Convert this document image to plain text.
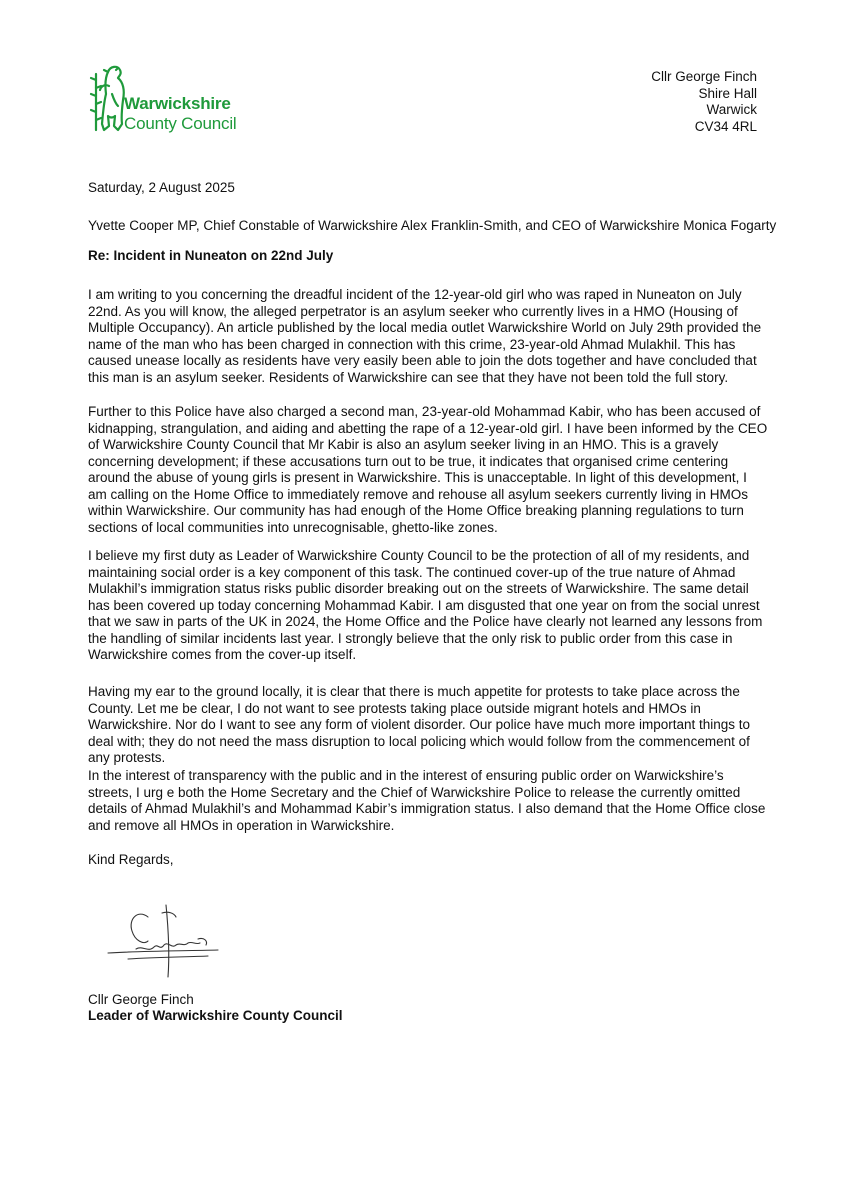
Warwickshire
County Council
Cllr George Finch
Shire Hall
Warwick
CV34 4RL
Saturday, 2 August 2025
Yvette Cooper MP, Chief Constable of Warwickshire Alex Franklin-Smith, and CEO of Warwickshire Monica Fogarty
Re: Incident in Nuneaton on 22nd July
I am writing to you concerning the dreadful incident of the 12-year-old girl who was raped in Nuneaton on July 22nd. As you will know, the alleged perpetrator is an asylum seeker who currently lives in a HMO (Housing of Multiple Occupancy). An article published by the local media outlet Warwickshire World on July 29th provided the name of the man who has been charged in connection with this crime, 23-year-old Ahmad Mulakhil. This has caused unease locally as residents have very easily been able to join the dots together and have concluded that this man is an asylum seeker. Residents of Warwickshire can see that they have not been told the full story.
Further to this Police have also charged a second man, 23-year-old Mohammad Kabir, who has been accused of kidnapping, strangulation, and aiding and abetting the rape of a 12-year-old girl. I have been informed by the CEO of Warwickshire County Council that Mr Kabir is also an asylum seeker living in an HMO. This is a gravely concerning development; if these accusations turn out to be true, it indicates that organised crime centering around the abuse of young girls is present in Warwickshire. This is unacceptable. In light of this development, I am calling on the Home Office to immediately remove and rehouse all asylum seekers currently living in HMOs within Warwickshire. Our community has had enough of the Home Office breaking planning regulations to turn sections of local communities into unrecognisable, ghetto-like zones.
I believe my first duty as Leader of Warwickshire County Council to be the protection of all of my residents, and maintaining social order is a key component of this task. The continued cover-up of the true nature of Ahmad Mulakhil’s immigration status risks public disorder breaking out on the streets of Warwickshire. The same detail has been covered up today concerning Mohammad Kabir. I am disgusted that one year on from the social unrest that we saw in parts of the UK in 2024, the Home Office and the Police have clearly not learned any lessons from the handling of similar incidents last year. I strongly believe that the only risk to public order from this case in Warwickshire comes from the cover-up itself.
Having my ear to the ground locally, it is clear that there is much appetite for protests to take place across the County. Let me be clear, I do not want to see protests taking place outside migrant hotels and HMOs in Warwickshire. Nor do I want to see any form of violent disorder. Our police have much more important things to deal with; they do not need the mass disruption to local policing which would follow from the commencement of any protests.
In the interest of transparency with the public and in the interest of ensuring public order on Warwickshire’s streets, I urg e both the Home Secretary and the Chief of Warwickshire Police to release the currently omitted details of Ahmad Mulakhil’s and Mohammad Kabir’s immigration status. I also demand that the Home Office close and remove all HMOs in operation in Warwickshire.
Kind Regards,
Cllr George Finch
Leader of Warwickshire County Council
